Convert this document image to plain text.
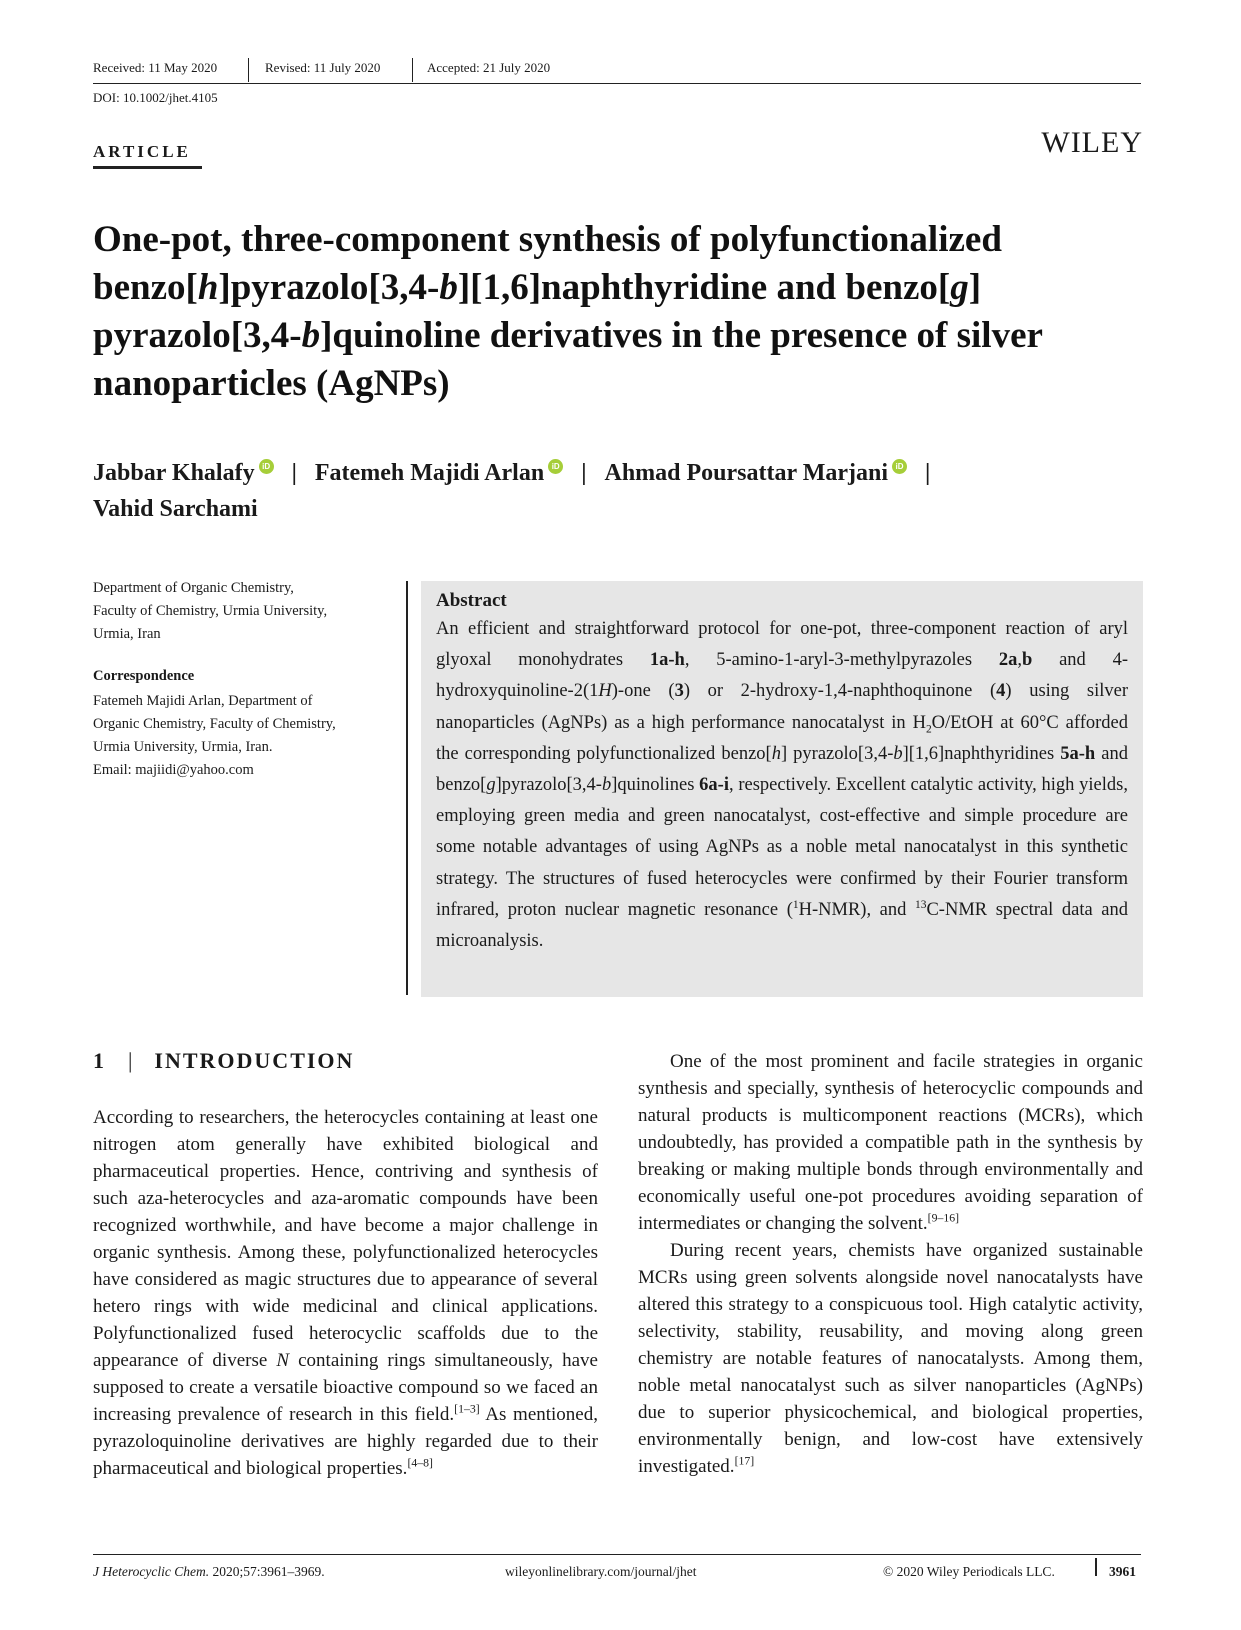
Received: 11 May 2020	Revised: 11 July 2020	Accepted: 21 July 2020
DOI: 10.1002/jhet.4105
ARTICLE	WILEY
One-pot, three-component synthesis of polyfunctionalized benzo[h]pyrazolo[3,4-b][1,6]naphthyridine and benzo[g] pyrazolo[3,4-b]quinoline derivatives in the presence of silver nanoparticles (AgNPs)
Jabbar Khalafy iD | Fatemeh Majidi Arlan iD | Ahmad Poursattar Marjani iD |
Vahid Sarchami
Department of Organic Chemistry,
Faculty of Chemistry, Urmia University,
Urmia, Iran
Correspondence
Fatemeh Majidi Arlan, Department of
Organic Chemistry, Faculty of Chemistry,
Urmia University, Urmia, Iran.
Email: majiidi@yahoo.com
Abstract
An efficient and straightforward protocol for one-pot, three-component reaction of aryl glyoxal monohydrates 1a-h, 5-amino-1-aryl-3-methylpyrazoles 2a,b and 4-hydroxyquinoline-2(1H)-one (3) or 2-hydroxy-1,4-naphthoquinone (4) using silver nanoparticles (AgNPs) as a high performance nanocatalyst in $H_2O$/EtOH at 60°C afforded the corresponding polyfunctionalized benzo[h] pyrazolo[3,4-b][1,6]naphthyridines 5a-h and benzo[g]pyrazolo[3,4-b]quinolines 6a-i, respectively. Excellent catalytic activity, high yields, employing green media and green nanocatalyst, cost-effective and simple procedure are some notable advantages of using AgNPs as a noble metal nanocatalyst in this synthetic strategy. The structures of fused heterocycles were confirmed by their Fourier transform infrared, proton nuclear magnetic resonance ($^1$H-NMR), and $^{13}$C-NMR spectral data and microanalysis.
1 | INTRODUCTION

According to researchers, the heterocycles containing at least one nitrogen atom generally have exhibited biological and pharmaceutical properties. Hence, contriving and synthesis of such aza-heterocycles and aza-aromatic compounds have been recognized worthwhile, and have become a major challenge in organic synthesis. Among these, polyfunctionalized heterocycles have considered as magic structures due to appearance of several hetero rings with wide medicinal and clinical applications. Polyfunctionalized fused heterocyclic scaffolds due to the appearance of diverse N containing rings simultaneously, have supposed to create a versatile bioactive compound so we faced an increasing prevalence of research in this field.[1–3] As mentioned, pyrazoloquinoline derivatives are highly regarded due to their pharmaceutical and biological properties.[4–8]

One of the most prominent and facile strategies in organic synthesis and specially, synthesis of heterocyclic compounds and natural products is multicomponent reactions (MCRs), which undoubtedly, has provided a compatible path in the synthesis by breaking or making multiple bonds through environmentally and economically useful one-pot procedures avoiding separation of intermediates or changing the solvent.[9–16]

During recent years, chemists have organized sustainable MCRs using green solvents alongside novel nanocatalysts have altered this strategy to a conspicuous tool. High catalytic activity, selectivity, stability, reusability, and moving along green chemistry are notable features of nanocatalysts. Among them, noble metal nanocatalyst such as silver nanoparticles (AgNPs) due to superior physicochemical, and biological properties, environmentally benign, and low-cost have extensively investigated.[17]

J Heterocyclic Chem. 2020;57:3961–3969.	wileyonlinelibrary.com/journal/jhet	© 2020 Wiley Periodicals LLC.	3961
